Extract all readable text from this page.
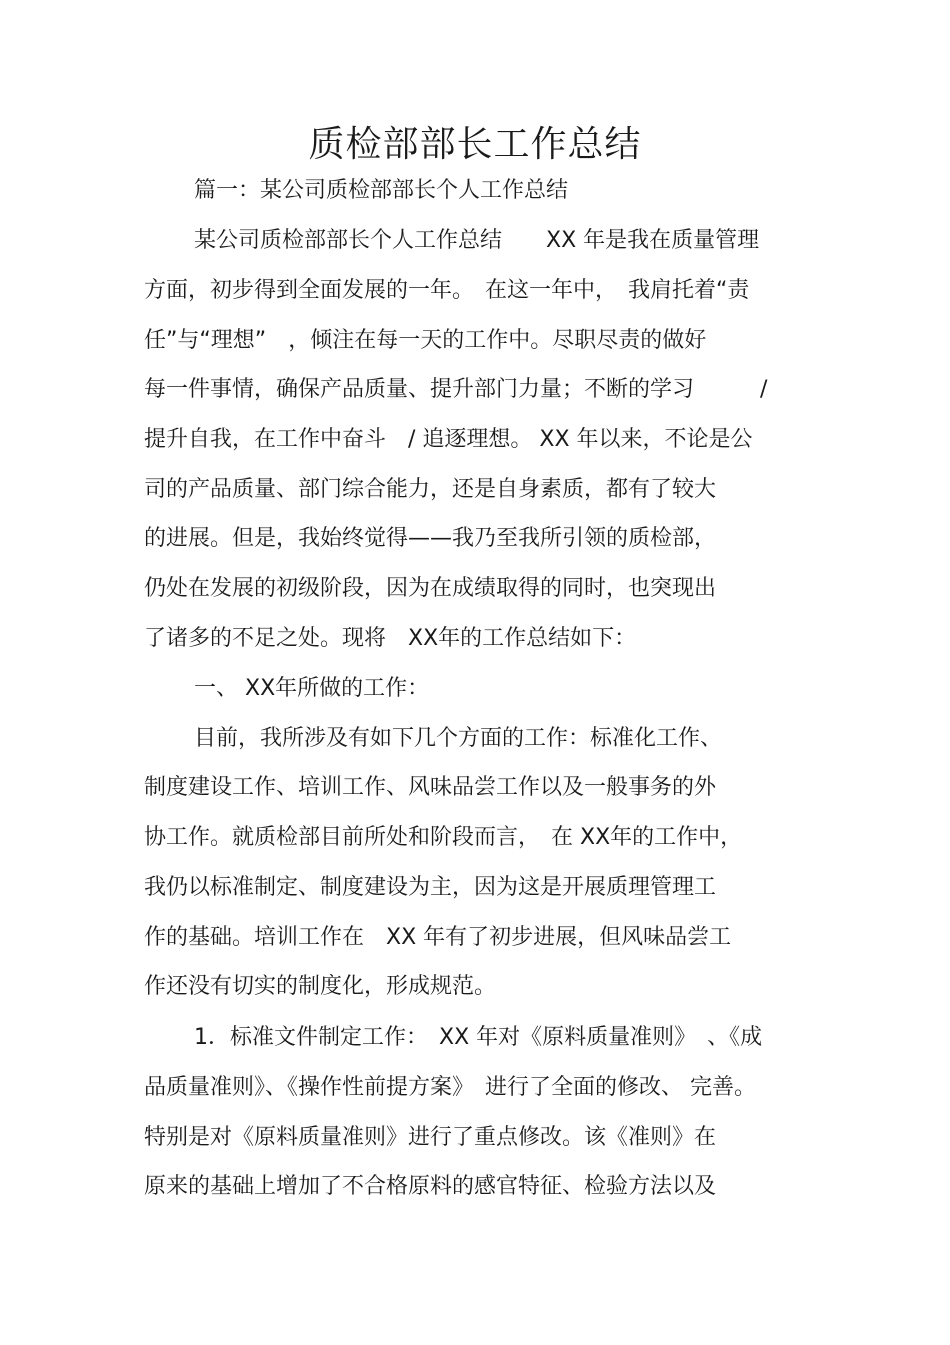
质检部部长工作总结
篇一：某公司质检部部长个人工作总结
某公司质检部部长个人工作总结　　XX 年是我在质量管理
方面，初步得到全面发展的一年。　在这一年中，　我肩托着“责
任”与“理想”　，倾注在每一天的工作中。尽职尽责的做好
每一件事情，确保产品质量、提升部门力量；不断的学习　　　/
提升自我，在工作中奋斗　/ 追逐理想。 XX 年以来，不论是公
司的产品质量、部门综合能力，还是自身素质，都有了较大
的进展。但是，我始终觉得——我乃至我所引领的质检部，
仍处在发展的初级阶段，因为在成绩取得的同时，也突现出
了诸多的不足之处。现将　XX年的工作总结如下：
一、 XX年所做的工作：
目前，我所涉及有如下几个方面的工作：标准化工作、
制度建设工作、培训工作、风味品尝工作以及一般事务的外
协工作。就质检部目前所处和阶段而言，　在 XX年的工作中，
我仍以标准制定、制度建设为主，因为这是开展质理管理工
作的基础。培训工作在　XX 年有了初步进展，但风味品尝工
作还没有切实的制度化，形成规范。
1．标准文件制定工作：　XX 年对《原料质量准则》　、《成
品质量准则》、《操作性前提方案》　进行了全面的修改、 完善。
特别是对《原料质量准则》进行了重点修改。该《准则》在
原来的基础上增加了不合格原料的感官特征、检验方法以及
